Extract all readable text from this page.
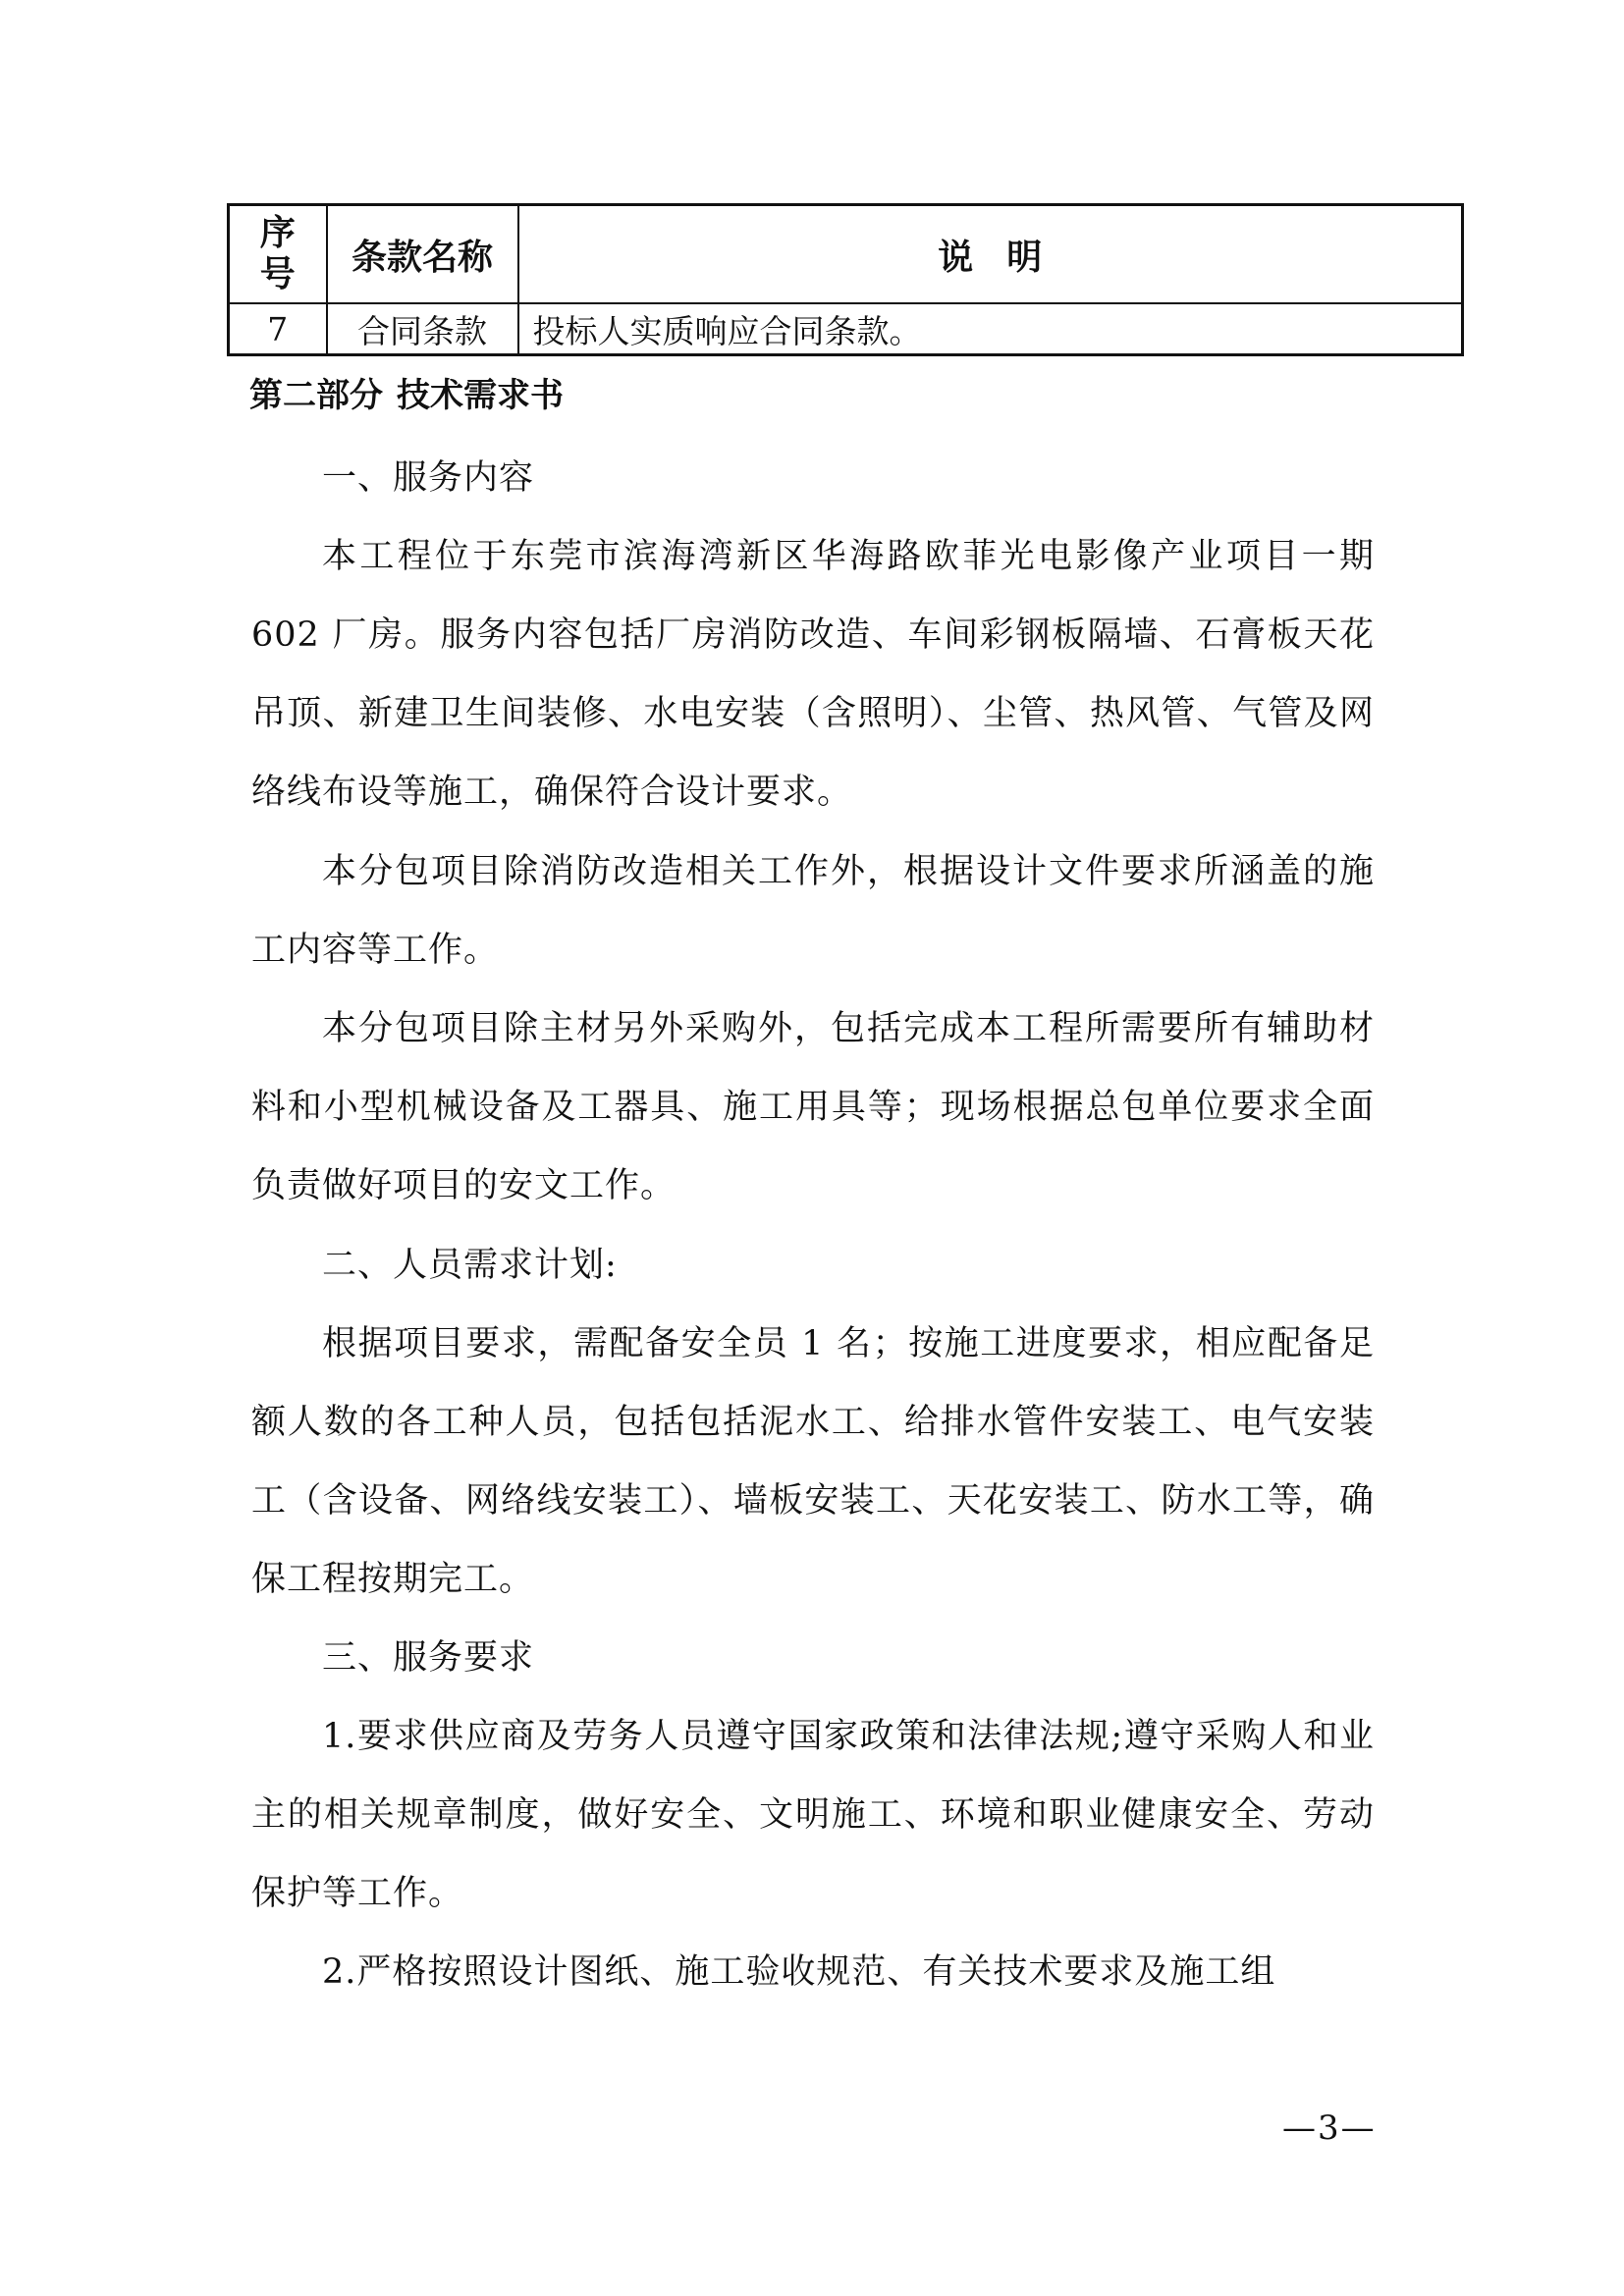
序
号	条款名称	说明
7	合同条款	投标人实质响应合同条款。
第二部分 技术需求书

一、服务内容

本工程位于东莞市滨海湾新区华海路欧菲光电影像产业项目一期 602 厂房。服务内容包括厂房消防改造、车间彩钢板隔墙、石膏板天花吊顶、新建卫生间装修、水电安装（含照明）、尘管、热风管、气管及网络线布设等施工，确保符合设计要求。

本分包项目除消防改造相关工作外，根据设计文件要求所涵盖的施工内容等工作。

本分包项目除主材另外采购外，包括完成本工程所需要所有辅助材料和小型机械设备及工器具、施工用具等；现场根据总包单位要求全面负责做好项目的安文工作。

二、人员需求计划:

根据项目要求，需配备安全员 1 名；按施工进度要求，相应配备足额人数的各工种人员，包括包括泥水工、给排水管件安装工、电气安装工（含设备、网络线安装工）、墙板安装工、天花安装工、防水工等，确保工程按期完工。

三、服务要求

1.要求供应商及劳务人员遵守国家政策和法律法规;遵守采购人和业主的相关规章制度，做好安全、文明施工、环境和职业健康安全、劳动保护等工作。

2.严格按照设计图纸、施工验收规范、有关技术要求及施工组

—3—
